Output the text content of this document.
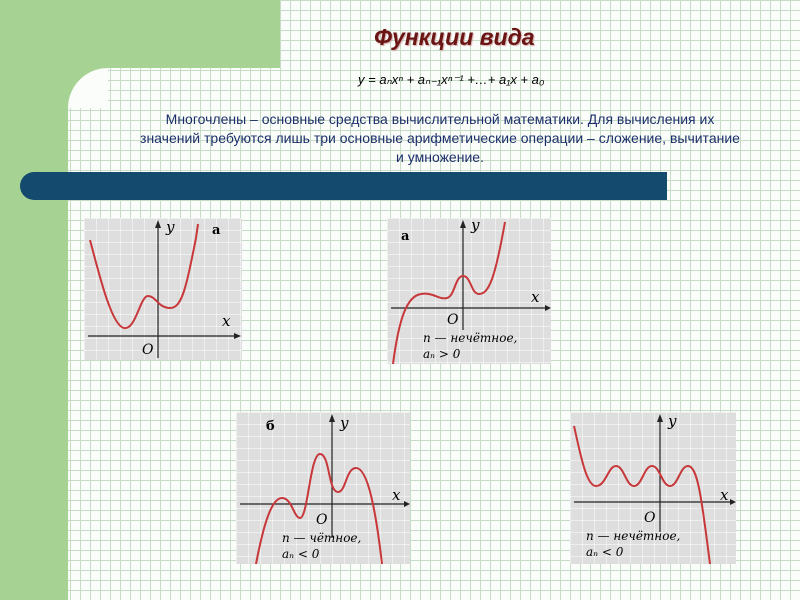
Функции вида
y = aₙxⁿ + aₙ₋₁xⁿ⁻¹ +…+ a₁x + a₀
Многочлены – основные средства вычислительной математики. Для вычисления их значений требуются лишь три основные арифметические операции – сложение, вычитание и умножение.
y
x
O
а	y
x
O
а
n — нечётное,
aₙ > 0
y
x
O
б
n — чётное,
aₙ < 0
y
x
O
n — нечётное,
aₙ < 0
